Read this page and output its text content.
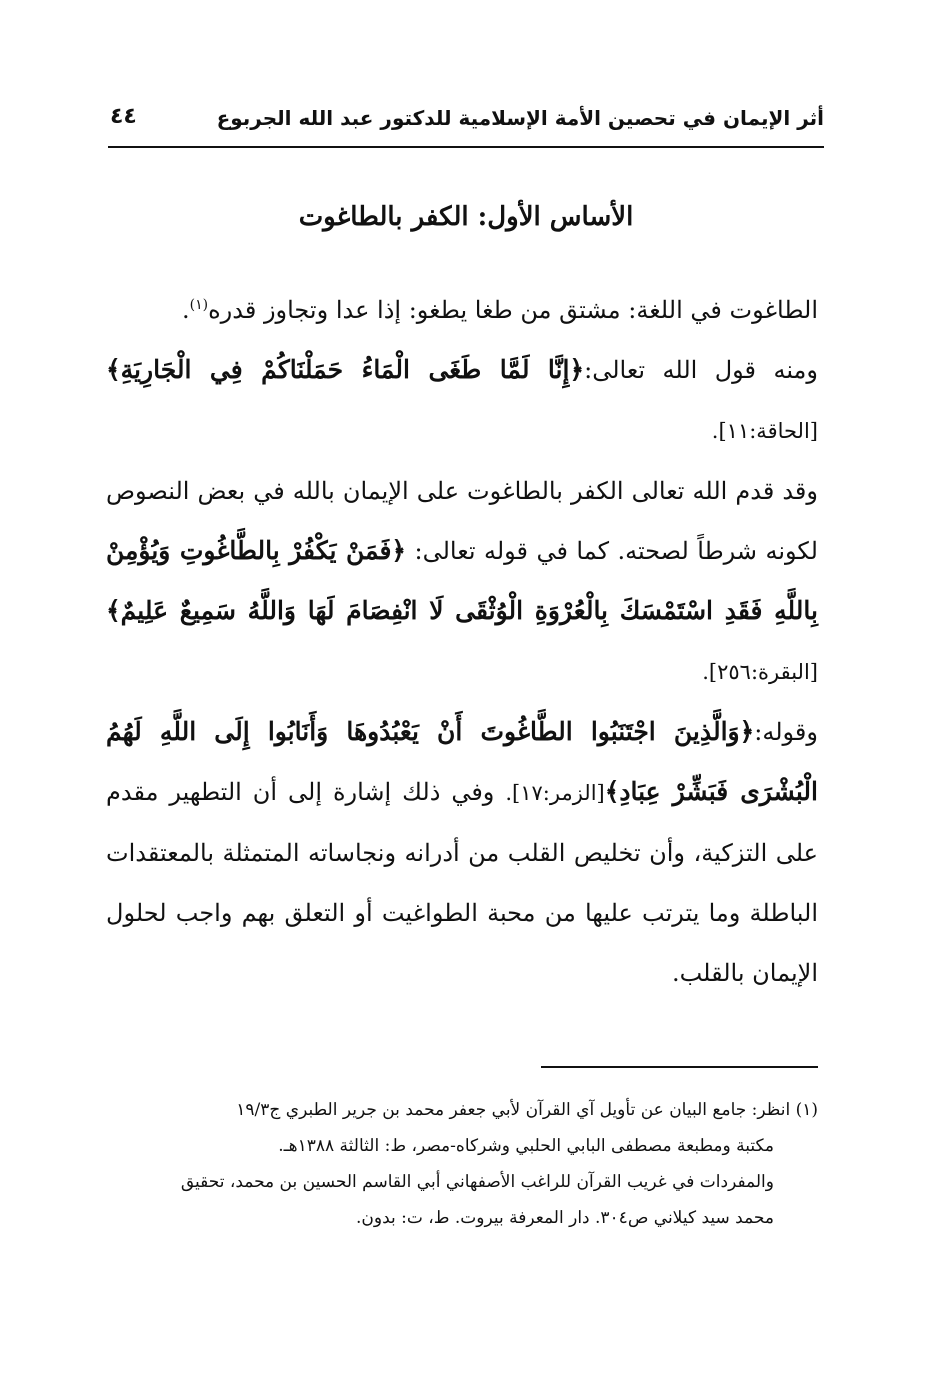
أثر الإيمان في تحصين الأمة الإسلامية للدكتور عبد الله الجربوع
٤٤
الأساس الأول: الكفر بالطاغوت

الطاغوت في اللغة: مشتق من طغا يطغو: إذا عدا وتجاوز قدره$^{(١)}$.

ومنه قول الله تعالى:﴿إِنَّا لَمَّا طَغَى الْمَاءُ حَمَلْنَاكُمْ فِي الْجَارِيَةِ﴾[الحاقة:١١].

وقد قدم الله تعالى الكفر بالطاغوت على الإيمان بالله في بعض النصوص لكونه شرطاً لصحته. كما في قوله تعالى: ﴿فَمَنْ يَكْفُرْ بِالطَّاغُوتِ وَيُؤْمِنْ بِاللَّهِ فَقَدِ اسْتَمْسَكَ بِالْعُرْوَةِ الْوُثْقَى لَا انْفِصَامَ لَهَا وَاللَّهُ سَمِيعٌ عَلِيمٌ﴾ [البقرة:٢٥٦].

وقوله:﴿وَالَّذِينَ اجْتَنَبُوا الطَّاغُوتَ أَنْ يَعْبُدُوهَا وَأَنَابُوا إِلَى اللَّهِ لَهُمُ الْبُشْرَى فَبَشِّرْ عِبَادِ﴾[الزمر:١٧]. وفي ذلك إشارة إلى أن التطهير مقدم على التزكية، وأن تخليص القلب من أدرانه ونجاساته المتمثلة بالمعتقدات الباطلة وما يترتب عليها من محبة الطواغيت أو التعلق بهم واجب لحلول الإيمان بالقلب.

(١) انظر: جامع البيان عن تأويل آي القرآن لأبي جعفر محمد بن جرير الطبري ج١٩/٣

مكتبة ومطبعة مصطفى البابي الحلبي وشركاه-مصر، ط: الثالثة ١٣٨٨هـ.

والمفردات في غريب القرآن للراغب الأصفهاني أبي القاسم الحسين بن محمد، تحقيق

محمد سيد كيلاني ص٣٠٤. دار المعرفة بيروت. ط، ت: بدون.
